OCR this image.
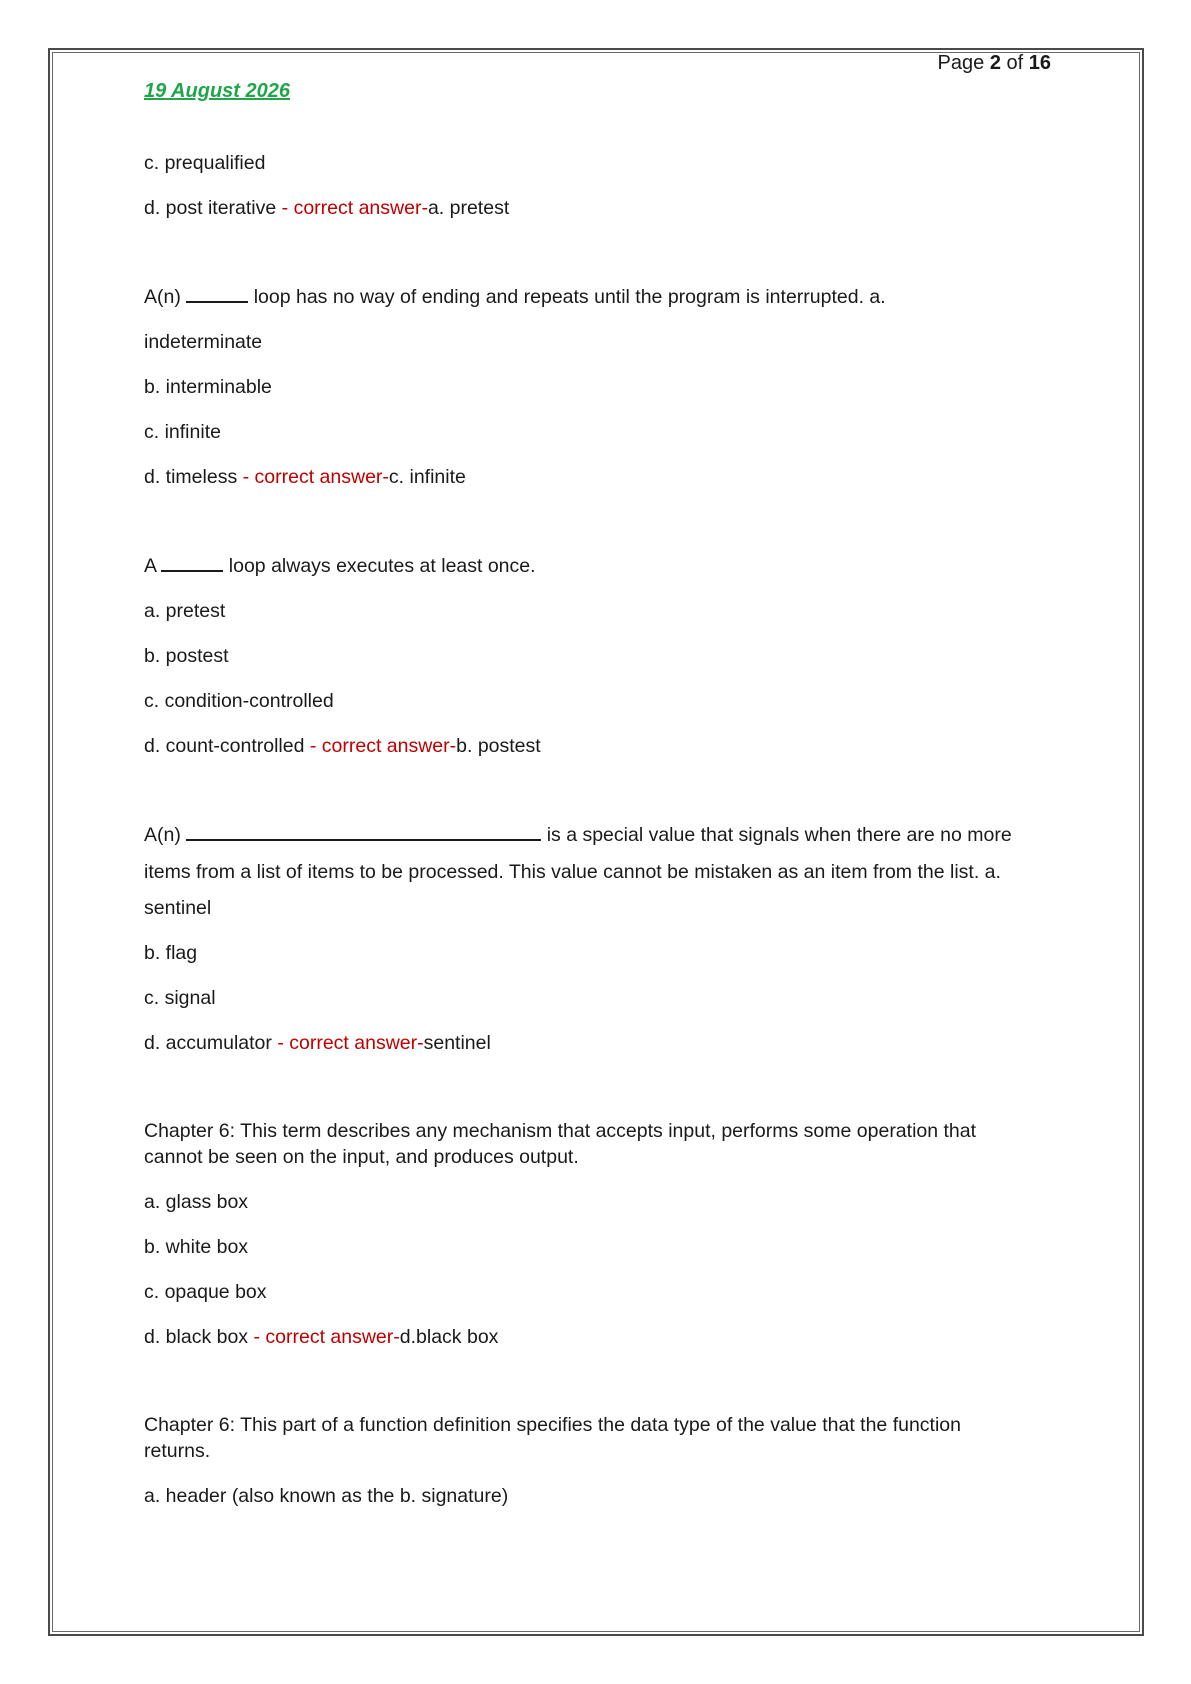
Page 2 of 16
19 August 2026
c. prequalified
d. post iterative - correct answer-a. pretest
A(n)	loop has no way of ending and repeats until the program is interrupted. a.
indeterminate
b. interminable
c. infinite
d. timeless - correct answer-c. infinite
A	loop always executes at least once.
a. pretest
b. postest
c. condition-controlled
d. count-controlled - correct answer-b. postest
A(n)	is a special value that signals when there are no more
items from a list of items to be processed. This value cannot be mistaken as an item from the list. a.
sentinel
b. flag
c. signal
d. accumulator - correct answer-sentinel
Chapter 6: This term describes any mechanism that accepts input, performs some operation that
cannot be seen on the input, and produces output.
a. glass box
b. white box
c. opaque box
d. black box - correct answer-d.black box
Chapter 6: This part of a function definition specifies the data type of the value that the function
returns.
a. header (also known as the b. signature)
